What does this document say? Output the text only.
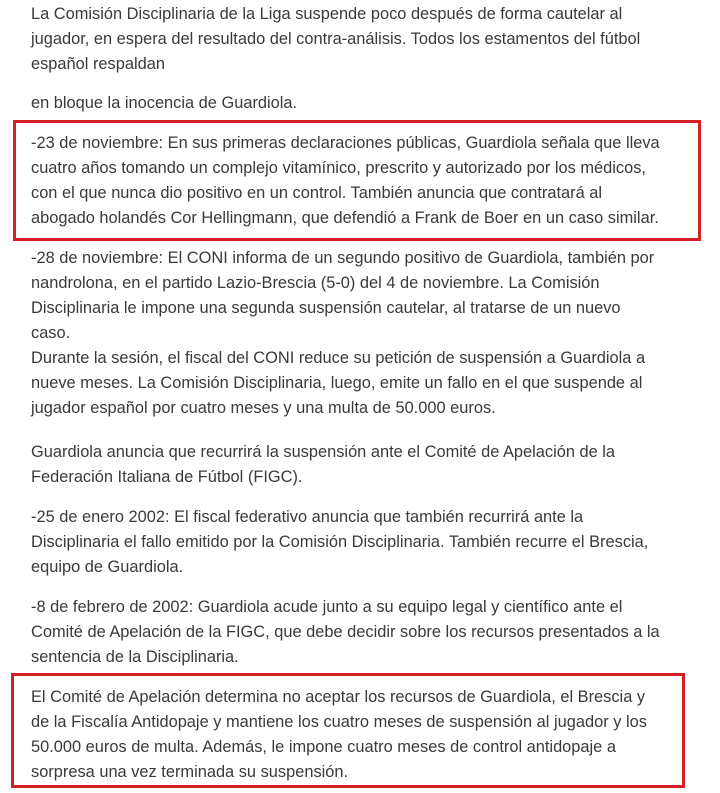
La Comisión Disciplinaria de la Liga suspende poco después de forma cautelar al
jugador, en espera del resultado del contra-análisis. Todos los estamentos del fútbol
español respaldan

en bloque la inocencia de Guardiola.

-23 de noviembre: En sus primeras declaraciones públicas, Guardiola señala que lleva
cuatro años tomando un complejo vitamínico, prescrito y autorizado por los médicos,
con el que nunca dio positivo en un control. También anuncia que contratará al
abogado holandés Cor Hellingmann, que defendió a Frank de Boer en un caso similar.

-28 de noviembre: El CONI informa de un segundo positivo de Guardiola, también por
nandrolona, en el partido Lazio-Brescia (5-0) del 4 de noviembre. La Comisión
Disciplinaria le impone una segunda suspensión cautelar, al tratarse de un nuevo
caso.
Durante la sesión, el fiscal del CONI reduce su petición de suspensión a Guardiola a
nueve meses. La Comisión Disciplinaria, luego, emite un fallo en el que suspende al
jugador español por cuatro meses y una multa de 50.000 euros.

Guardiola anuncia que recurrirá la suspensión ante el Comité de Apelación de la
Federación Italiana de Fútbol (FIGC).

-25 de enero 2002: El fiscal federativo anuncia que también recurrirá ante la
Disciplinaria el fallo emitido por la Comisión Disciplinaria. También recurre el Brescia,
equipo de Guardiola.

-8 de febrero de 2002: Guardiola acude junto a su equipo legal y científico ante el
Comité de Apelación de la FIGC, que debe decidir sobre los recursos presentados a la
sentencia de la Disciplinaria.

El Comité de Apelación determina no aceptar los recursos de Guardiola, el Brescia y
de la Fiscalía Antidopaje y mantiene los cuatro meses de suspensión al jugador y los
50.000 euros de multa. Además, le impone cuatro meses de control antidopaje a
sorpresa una vez terminada su suspensión.
